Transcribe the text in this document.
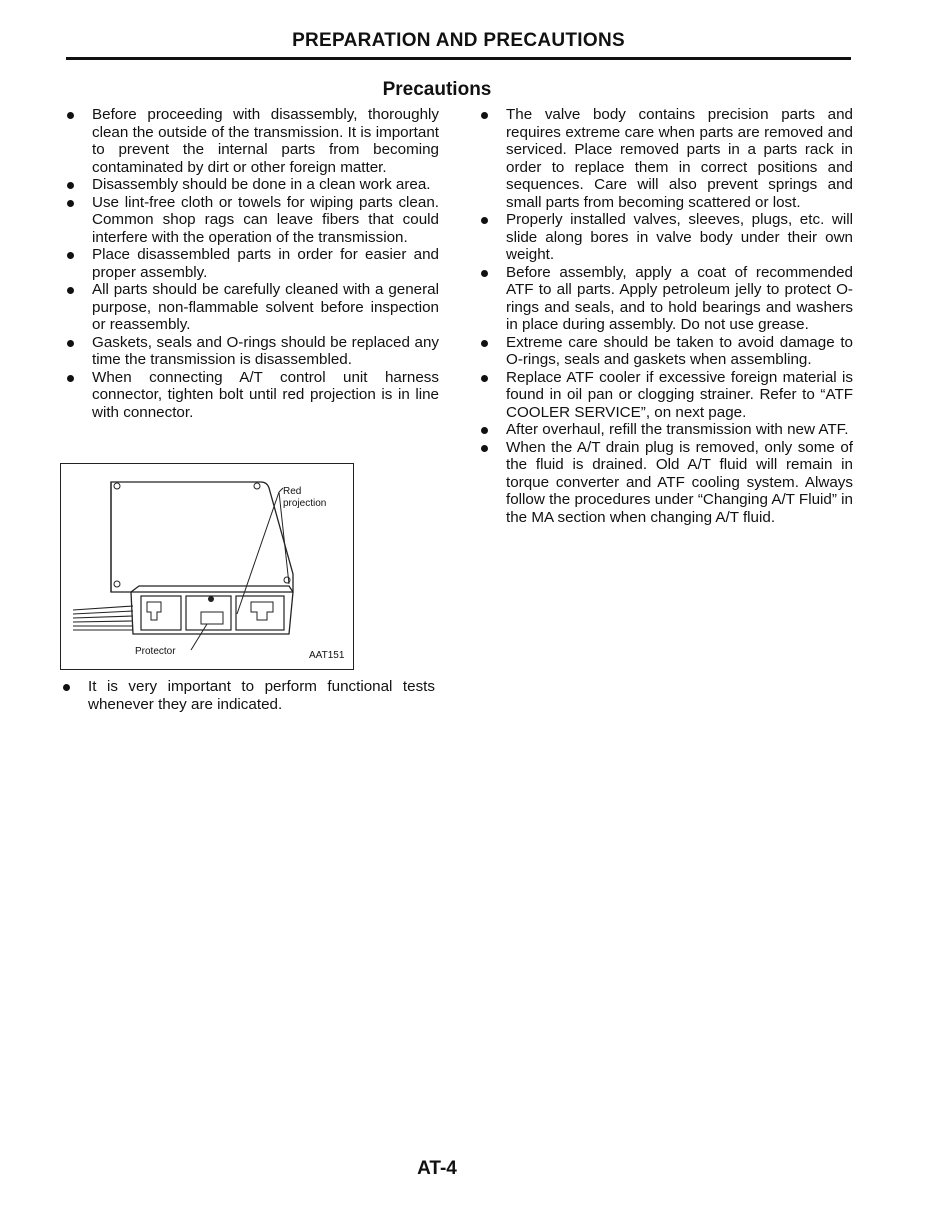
PREPARATION AND PRECAUTIONS
Precautions
Before proceeding with disassembly, thoroughly clean the outside of the transmission. It is important to prevent the internal parts from becoming contaminated by dirt or other foreign matter.
Disassembly should be done in a clean work area.
Use lint-free cloth or towels for wiping parts clean. Common shop rags can leave fibers that could interfere with the operation of the transmission.
Place disassembled parts in order for easier and proper assembly.
All parts should be carefully cleaned with a general purpose, non-flammable solvent before inspection or reassembly.
Gaskets, seals and O-rings should be replaced any time the transmission is disassembled.
When connecting A/T control unit harness connector, tighten bolt until red projection is in line with connector.
Red
projection
Protector	AAT151
It is very important to perform functional tests whenever they are indicated.
The valve body contains precision parts and requires extreme care when parts are removed and serviced. Place removed parts in a parts rack in order to replace them in correct positions and sequences. Care will also prevent springs and small parts from becoming scattered or lost.
Properly installed valves, sleeves, plugs, etc. will slide along bores in valve body under their own weight.
Before assembly, apply a coat of recommended ATF to all parts. Apply petroleum jelly to protect O-rings and seals, and to hold bearings and washers in place during assembly. Do not use grease.
Extreme care should be taken to avoid damage to O-rings, seals and gaskets when assembling.
Replace ATF cooler if excessive foreign material is found in oil pan or clogging strainer. Refer to “ATF COOLER SERVICE”, on next page.
After overhaul, refill the transmission with new ATF.
When the A/T drain plug is removed, only some of the fluid is drained. Old A/T fluid will remain in torque converter and ATF cooling system. Always follow the procedures under “Changing A/T Fluid” in the MA section when changing A/T fluid.
AT-4
